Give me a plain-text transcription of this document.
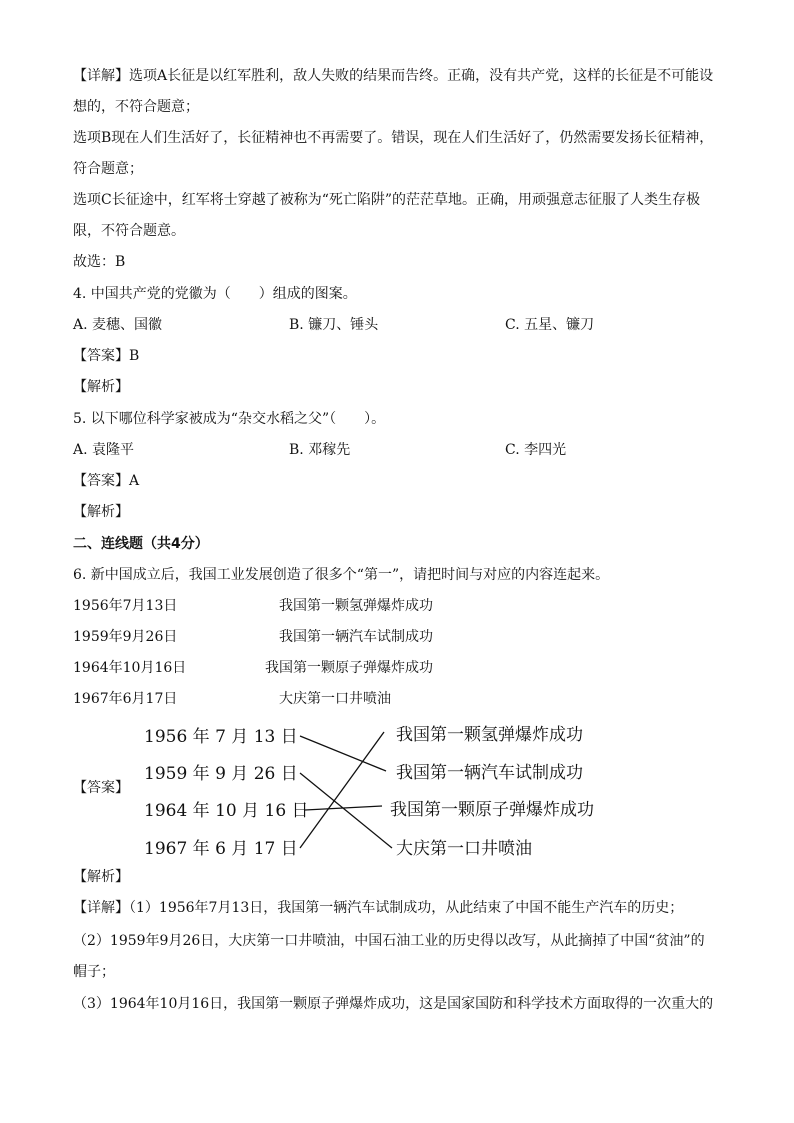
【详解】选项A长征是以红军胜利，敌人失败的结果而告终。正确，没有共产党，这样的长征是不可能设
想的，不符合题意；
选项B现在人们生活好了，长征精神也不再需要了。错误，现在人们生活好了，仍然需要发扬长征精神，
符合题意；
选项C长征途中，红军将士穿越了被称为“死亡陷阱”的茫茫草地。正确，用顽强意志征服了人类生存极
限，不符合题意。
故选：B
4. 中国共产党的党徽为（　　）组成的图案。
A. 麦穗、国徽	B. 镰刀、锤头	C. 五星、镰刀
【答案】B
【解析】
5. 以下哪位科学家被成为“杂交水稻之父”（　　）。
A. 袁隆平	B. 邓稼先	C. 李四光
【答案】A
【解析】
二、连线题（共4分）
6. 新中国成立后，我国工业发展创造了很多个“第一”，请把时间与对应的内容连起来。
1956年7月13日	我国第一颗氢弹爆炸成功
1959年9月26日	我国第一辆汽车试制成功
1964年10月16日	我国第一颗原子弹爆炸成功
1967年6月17日	大庆第一口井喷油
【答案】
1956 年 7 月 13 日
1959 年 9 月 26 日
1964 年 10 月 16 日
1967 年 6 月 17 日
我国第一颗氢弹爆炸成功
我国第一辆汽车试制成功
我国第一颗原子弹爆炸成功
大庆第一口井喷油
【解析】
【详解】（1）1956年7月13日，我国第一辆汽车试制成功，从此结束了中国不能生产汽车的历史；
（2）1959年9月26日，大庆第一口井喷油，中国石油工业的历史得以改写，从此摘掉了中国“贫油”的
帽子；
（3）1964年10月16日，我国第一颗原子弹爆炸成功，这是国家国防和科学技术方面取得的一次重大的
